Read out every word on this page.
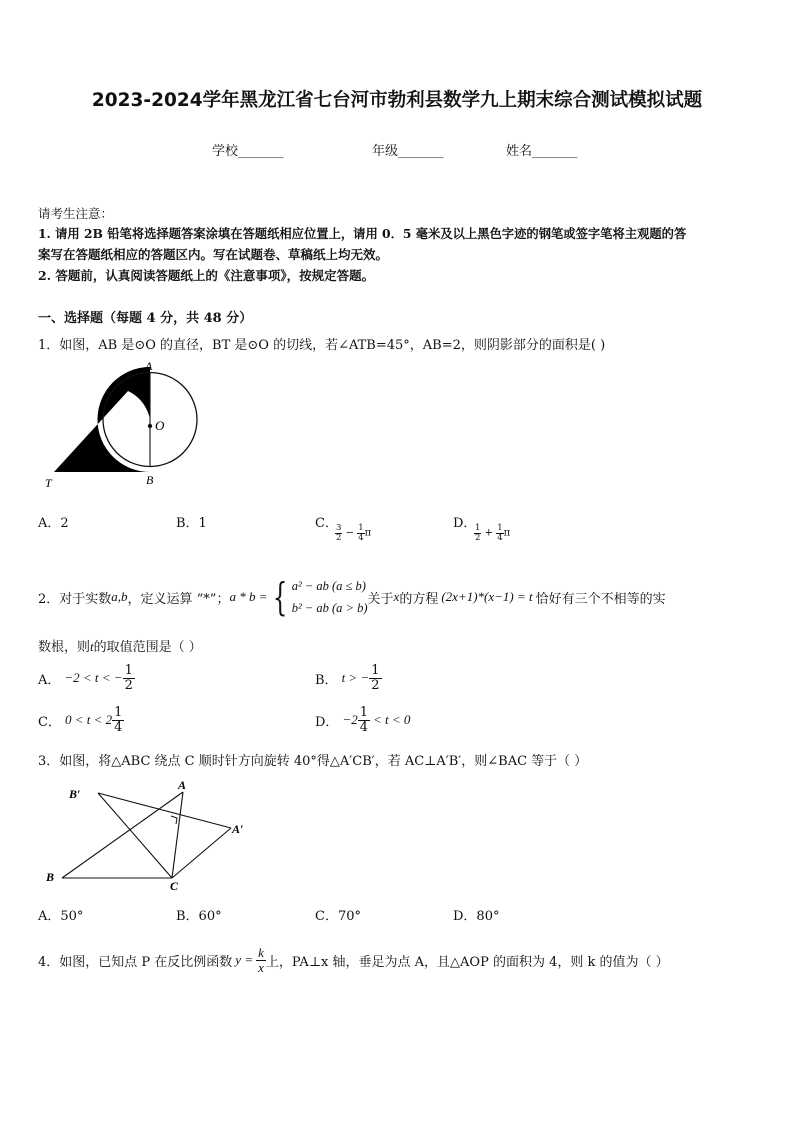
2023-2024学年黑龙江省七台河市勃利县数学九上期末综合测试模拟试题
学校_______	年级_______	姓名_______
请考生注意：
1. 请用 2B 铅笔将选择题答案涂填在答题纸相应位置上，请用 0．5 毫米及以上黑色字迹的钢笔或签字笔将主观题的答
案写在答题纸相应的答题区内。写在试题卷、草稿纸上均无效。
2. 答题前，认真阅读答题纸上的《注意事项》，按规定答题。
一、选择题（每题 4 分，共 48 分）
1．如图，AB 是⊙O 的直径，BT 是⊙O 的切线，若∠ATB=45°，AB=2，则阴影部分的面积是( )
A
O
T	B
A．2	B．1	C．
$\frac{3}{2} - \frac{1}{4}$ π
D．
$\frac{1}{2} + \frac{1}{4}$ π
2．对于实数 a,b ，定义运算 “*”； a * b = { a² − ab (a ≤ b)
b² − ab (a > b)
关于 x 的方程 (2x+1)*(x−1) = t 恰好有三个不相等的实
数根，则t的取值范围是（ ）
A． −2 < t < − $\frac{1}{2}$	B． t > − $\frac{1}{2}$
C． 0 < t < 2 1
4	D． −2 1
4 < t < 0
3．如图，将△ABC 绕点 C 顺时针方向旋转 40°得△A′CB′，若 AC⊥A′B′，则∠BAC 等于（ ）
B′
A
A′
B
C
A．50°	B．60°	C．70°	D．80°
4．如图，已知点 P 在反比例函数 $y = \frac{k}{x}$ 上，PA⊥x 轴，垂足为点 A，且△AOP 的面积为 4，则 k 的值为（ ）
